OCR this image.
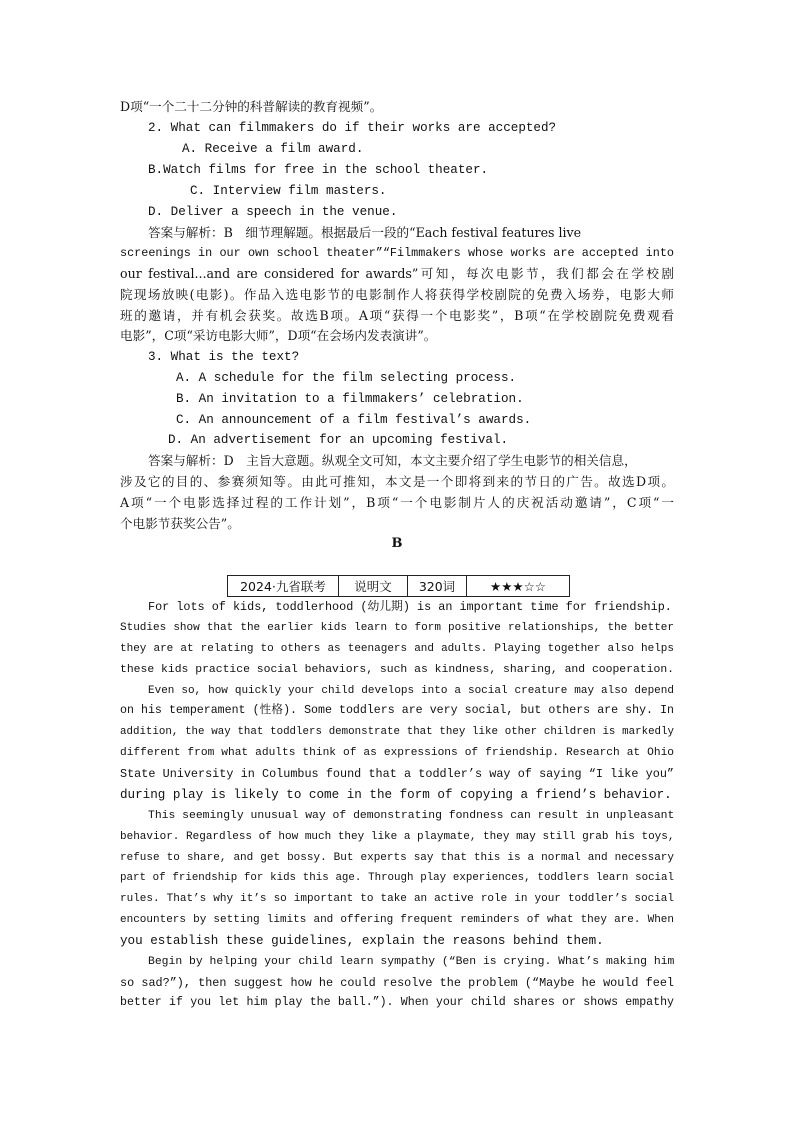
D项“一个二十二分钟的科普解读的教育视频”。
2. What can filmmakers do if their works are accepted?
A. Receive a film award.
B.Watch films for free in the school theater.
C. Interview film masters.
D. Deliver a speech in the venue.
答案与解析：B　细节理解题。根据最后一段的“Each festival features live
screenings in our own school theater”“Filmmakers whose works are accepted into
our festival...and are considered for awards”可知，每次电影节，我们都会在学校剧
院现场放映(电影)。作品入选电影节的电影制作人将获得学校剧院的免费入场券，电影大师
班的邀请，并有机会获奖。故选B项。A项“获得一个电影奖”，B项“在学校剧院免费观看
电影”，C项“采访电影大师”，D项“在会场内发表演讲”。
3. What is the text?
A. A schedule for the film selecting process.
B. An invitation to a filmmakers’ celebration.
C. An announcement of a film festival’s awards.
D. An advertisement for an upcoming festival.
答案与解析：D　主旨大意题。纵观全文可知，本文主要介绍了学生电影节的相关信息，
涉及它的目的、参赛须知等。由此可推知，本文是一个即将到来的节日的广告。故选D项。
A项“一个电影选择过程的工作计划”，B项“一个电影制片人的庆祝活动邀请”，C项“一
个电影节获奖公告”。
B
2024·九省联考	说明文	320词	★★★☆☆
For lots of kids, toddlerhood (幼儿期) is an important time for friendship.
Studies show that the earlier kids learn to form positive relationships, the better
they are at relating to others as teenagers and adults. Playing together also helps
these kids practice social behaviors, such as kindness, sharing, and cooperation.
Even so, how quickly your child develops into a social creature may also depend
on his temperament (性格). Some toddlers are very social, but others are shy. In
addition, the way that toddlers demonstrate that they like other children is markedly
different from what adults think of as expressions of friendship. Research at Ohio
State University in Columbus found that a toddler’s way of saying “I like you”
during play is likely to come in the form of copying a friend’s behavior.
This seemingly unusual way of demonstrating fondness can result in unpleasant
behavior. Regardless of how much they like a playmate, they may still grab his toys,
refuse to share, and get bossy. But experts say that this is a normal and necessary
part of friendship for kids this age. Through play experiences, toddlers learn social
rules. That’s why it’s so important to take an active role in your toddler’s social
encounters by setting limits and offering frequent reminders of what they are. When
you establish these guidelines, explain the reasons behind them.
Begin by helping your child learn sympathy (“Ben is crying. What’s making him
so sad?”), then suggest how he could resolve the problem (“Maybe he would feel
better if you let him play the ball.”). When your child shares or shows empathy
